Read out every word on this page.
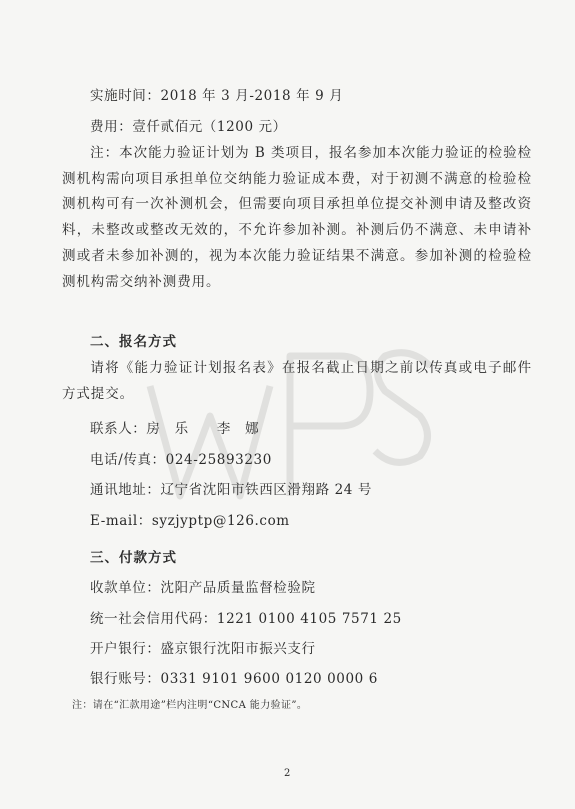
实施时间：2018 年 3 月-2018 年 9 月
费用：壹仟贰佰元（1200 元）
注：本次能力验证计划为 B 类项目，报名参加本次能力验证的检验检测机构需向项目承担单位交纳能力验证成本费，对于初测不满意的检验检测机构可有一次补测机会，但需要向项目承担单位提交补测申请及整改资料，未整改或整改无效的，不允许参加补测。补测后仍不满意、未申请补测或者未参加补测的，视为本次能力验证结果不满意。参加补测的检验检测机构需交纳补测费用。
二、报名方式
请将《能力验证计划报名表》在报名截止日期之前以传真或电子邮件方式提交。
联系人：房　乐　　李　娜
电话/传真：024-25893230
通讯地址：辽宁省沈阳市铁西区滑翔路 24 号
E-mail：syzjyptp@126.com
三、付款方式
收款单位：沈阳产品质量监督检验院
统一社会信用代码：1221 0100 4105 7571 25
开户银行：盛京银行沈阳市振兴支行
银行账号：0331 9101 9600 0120 0000 6
注：请在“汇款用途”栏内注明“CNCA 能力验证”。
2
